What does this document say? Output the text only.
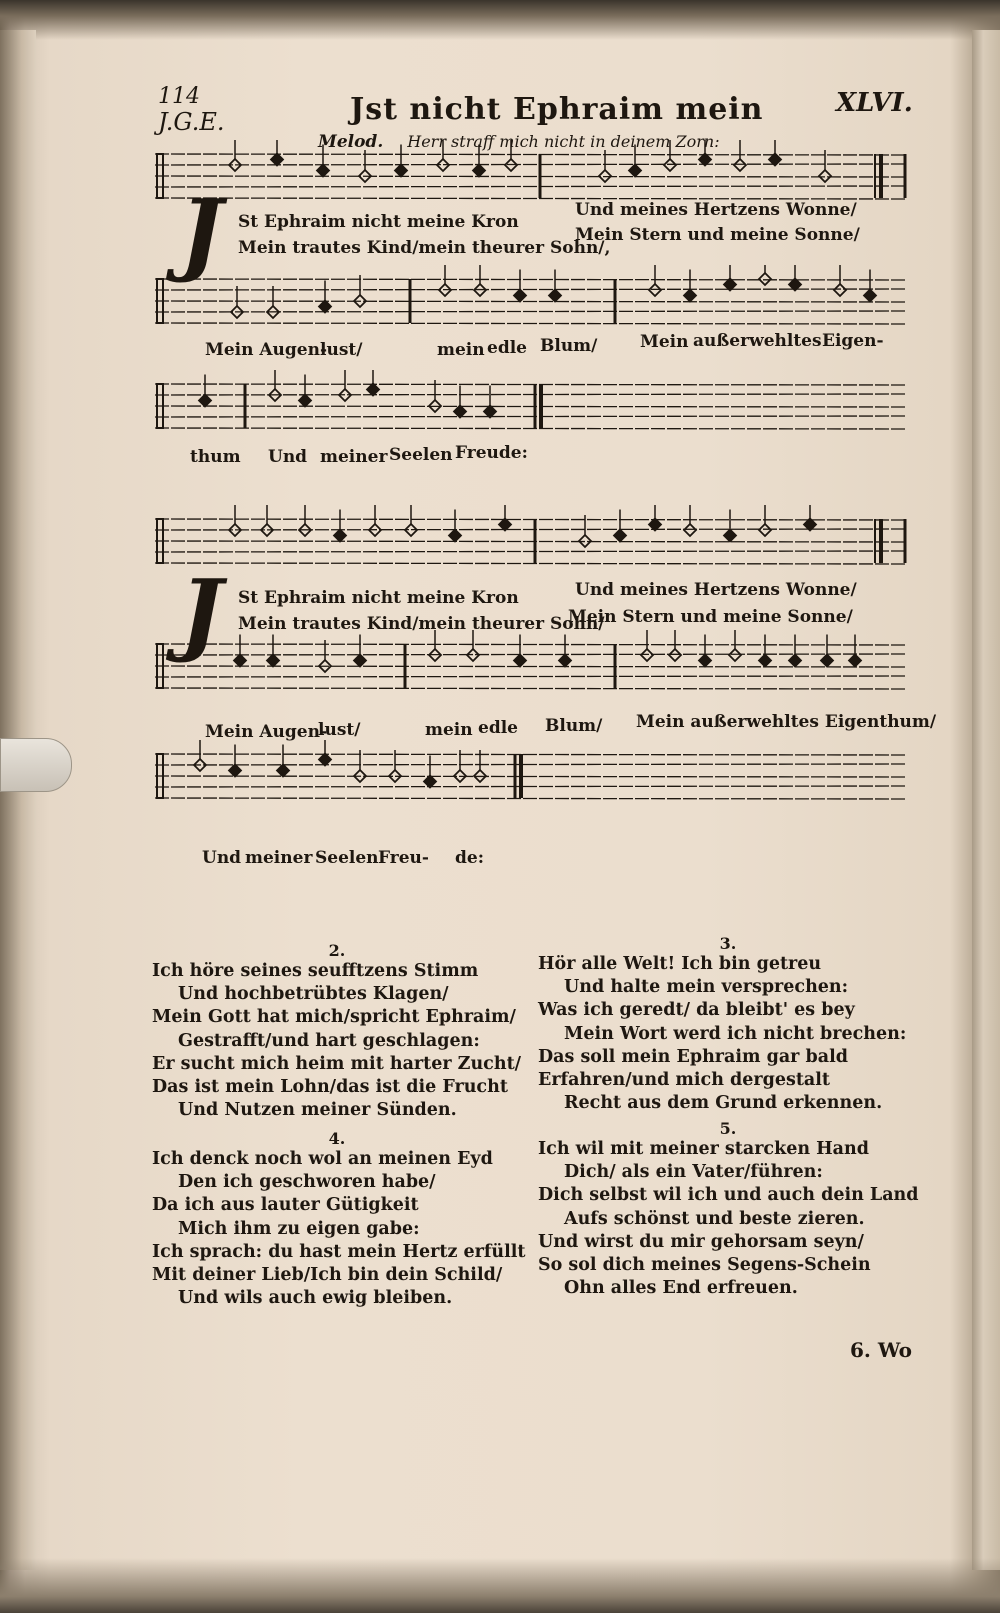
114
J.G.E.	Jst nicht Ephraim mein	XLVI.
Melod. Herr straff mich nicht in deinem Zorn:
J St Ephraim nicht meine Kron
Und meines Hertzens Wonne/
Mein trautes Kind/mein theurer Sohn/,
Mein Stern und meine Sonne/
Mein Augen-
lust/	mein edle Blum/	Mein außerwehltes Eigen-
thum Und meiner Seelen Freude:
J St Ephraim nicht meine Kron	Und meines Hertzens Wonne/
Mein trautes Kind/mein theurer Sohn/
Mein Stern und meine Sonne/
Mein Augen-
lust/	mein edle Blum/ Mein außerwehltes Eigenthum/
Und meiner Seelen Freu- de:
2.
Ich höre seines seufftzens Stimm
Und hochbetrübtes Klagen/
Mein Gott hat mich/spricht Ephraim/
Gestrafft/und hart geschlagen:
Er sucht mich heim mit harter Zucht/
Das ist mein Lohn/das ist die Frucht
Und Nutzen meiner Sünden.
4.
Ich denck noch wol an meinen Eyd
Den ich geschworen habe/
Da ich aus lauter Gütigkeit
Mich ihm zu eigen gabe:
Ich sprach: du hast mein Hertz erfüllt
Mit deiner Lieb/Ich bin dein Schild/
Und wils auch ewig bleiben.
3.
Hör alle Welt! Ich bin getreu
Und halte mein versprechen:
Was ich geredt/ da bleibt' es bey
Mein Wort werd ich nicht brechen:
Das soll mein Ephraim gar bald
Erfahren/und mich dergestalt
Recht aus dem Grund erkennen.
5.
Ich wil mit meiner starcken Hand
Dich/ als ein Vater/führen:
Dich selbst wil ich und auch dein Land
Aufs schönst und beste zieren.
Und wirst du mir gehorsam seyn/
So sol dich meines Segens-Schein
Ohn alles End erfreuen.
6. Wo
